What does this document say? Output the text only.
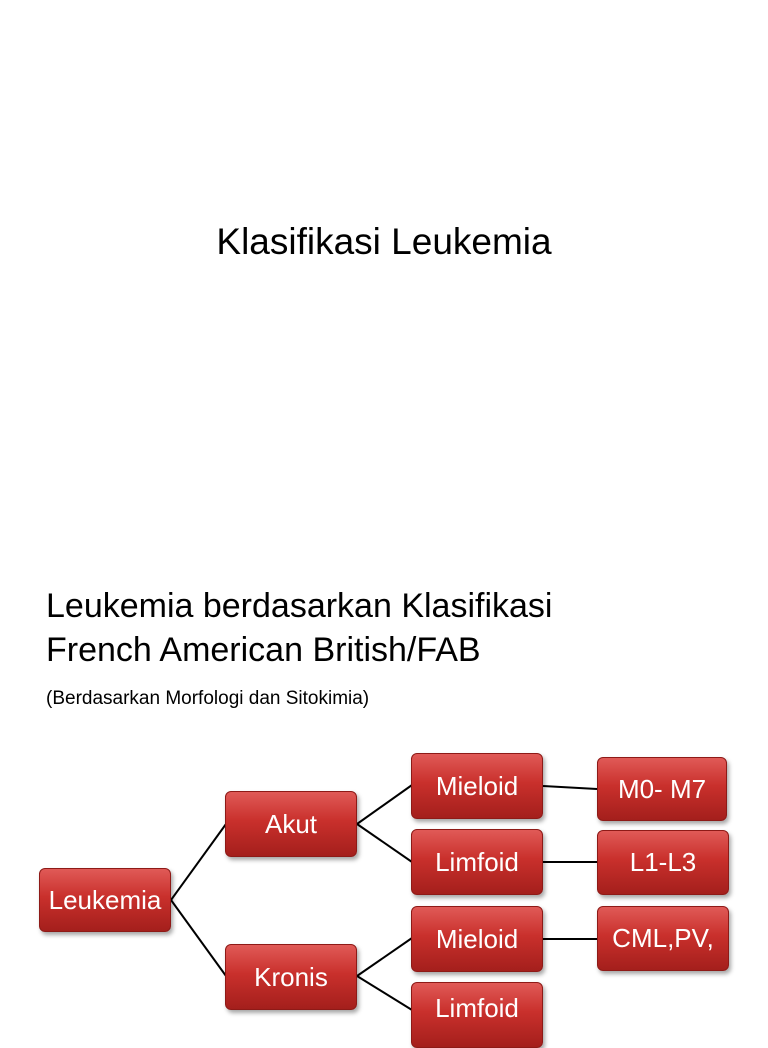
Klasifikasi Leukemia
Leukemia berdasarkan Klasifikasi
French American British/FAB

(Berdasarkan Morfologi dan Sitokimia)

Leukemia
Akut
Kronis
Mieloid
Limfoid
Mieloid
Limfoid
M0- M7
L1-L3
CML,PV,
